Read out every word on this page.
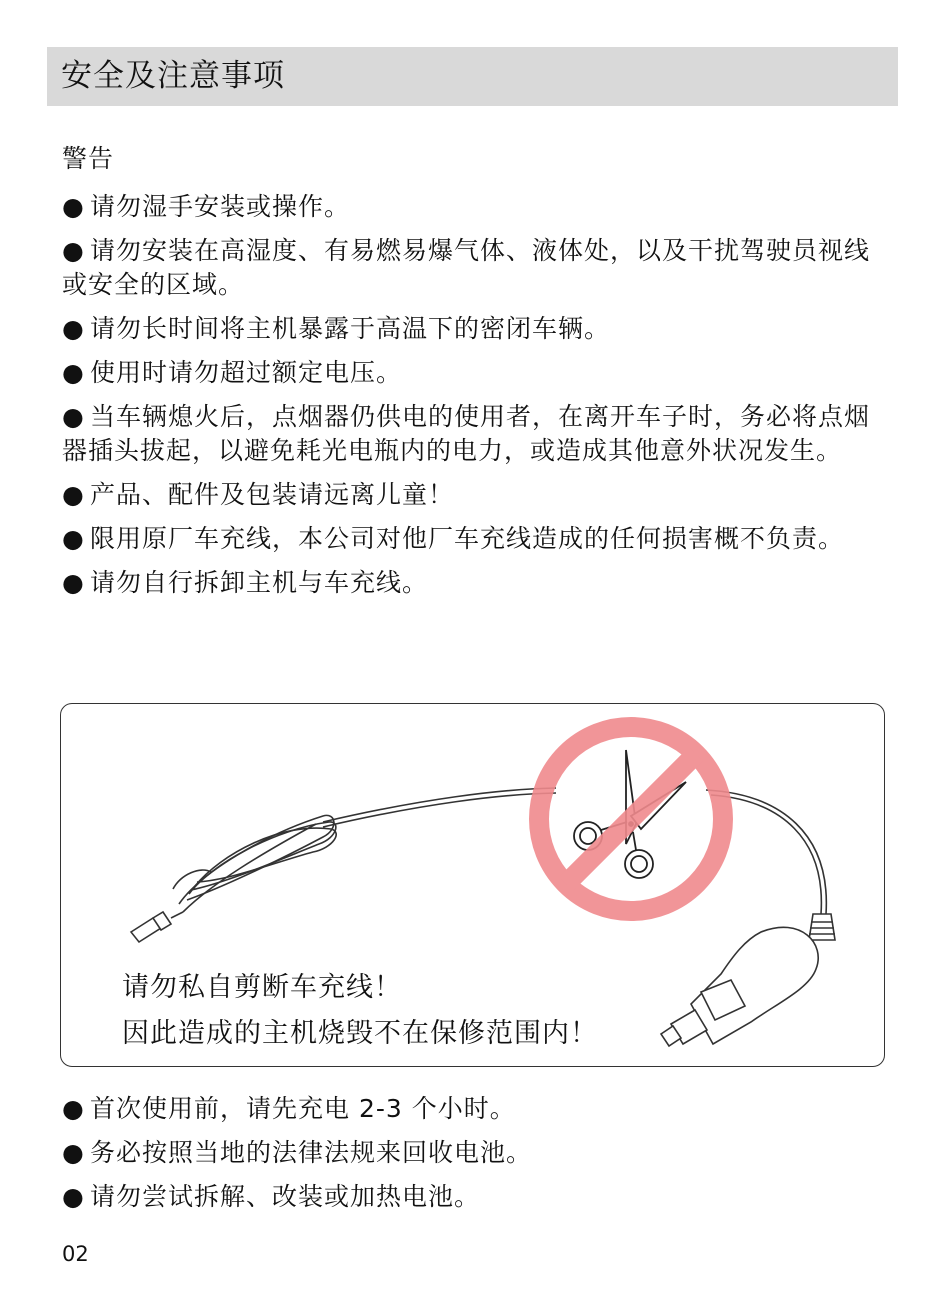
安全及注意事项
警告
● 请勿湿手安装或操作。
● 请勿安装在高湿度、有易燃易爆气体、液体处，以及干扰驾驶员视线或安全的区域。
● 请勿长时间将主机暴露于高温下的密闭车辆。
● 使用时请勿超过额定电压。
● 当车辆熄火后，点烟器仍供电的使用者，在离开车子时，务必将点烟器插头拔起，以避免耗光电瓶内的电力，或造成其他意外状况发生。
● 产品、配件及包装请远离儿童！
● 限用原厂车充线，本公司对他厂车充线造成的任何损害概不负责。
● 请勿自行拆卸主机与车充线。
请勿私自剪断车充线！
因此造成的主机烧毁不在保修范围内！
● 首次使用前，请先充电 2-3 个小时。
● 务必按照当地的法律法规来回收电池。
● 请勿尝试拆解、改装或加热电池。
02
